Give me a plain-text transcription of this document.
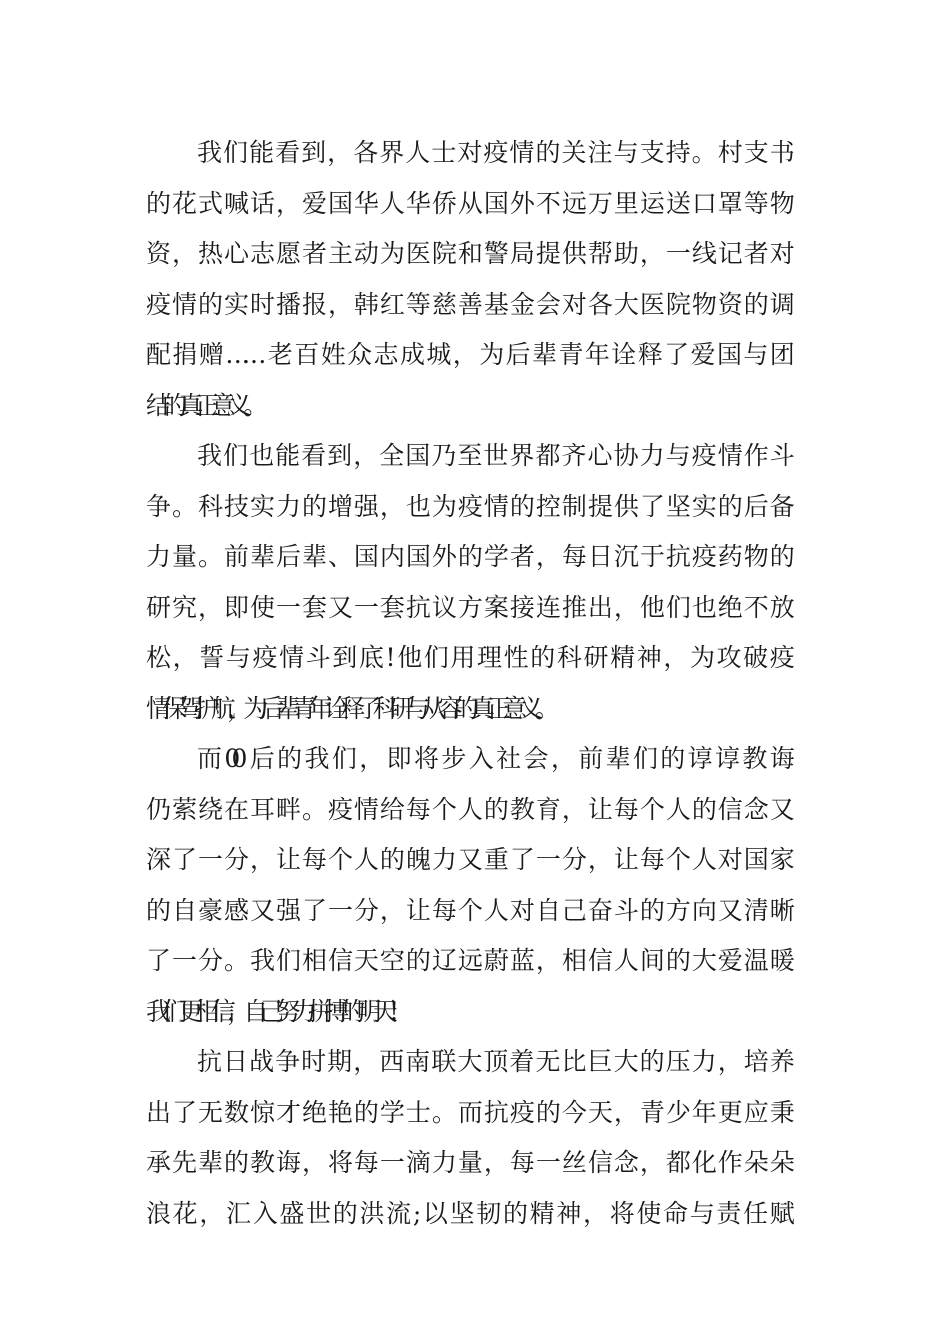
我们能看到，各界人士对疫情的关注与支持。村支书
的花式喊话，爱国华人华侨从国外不远万里运送口罩等物
资，热心志愿者主动为医院和警局提供帮助，一线记者对
疫情的实时播报，韩红等慈善基金会对各大医院物资的调
配捐赠……老百姓众志成城，为后辈青年诠释了爱国与团
结的真正意义。

我们也能看到，全国乃至世界都齐心协力与疫情作斗
争。科技实力的增强，也为疫情的控制提供了坚实的后备
力量。前辈后辈、国内国外的学者，每日沉于抗疫药物的
研究，即使一套又一套抗议方案接连推出，他们也绝不放
松，誓与疫情斗到底!他们用理性的科研精神，为攻破疫
情保驾护航，为后辈青年诠释了科研与从容的真正意义。

而00后的我们，即将步入社会，前辈们的谆谆教诲
仍萦绕在耳畔。疫情给每个人的教育，让每个人的信念又
深了一分，让每个人的魄力又重了一分，让每个人对国家
的自豪感又强了一分，让每个人对自己奋斗的方向又清晰
了一分。我们相信天空的辽远蔚蓝，相信人间的大爱温暖
我们更相信，自己努力拼搏的明天!

抗日战争时期，西南联大顶着无比巨大的压力，培养
出了无数惊才绝艳的学士。而抗疫的今天，青少年更应秉
承先辈的教诲，将每一滴力量，每一丝信念，都化作朵朵
浪花，汇入盛世的洪流;以坚韧的精神，将使命与责任赋
